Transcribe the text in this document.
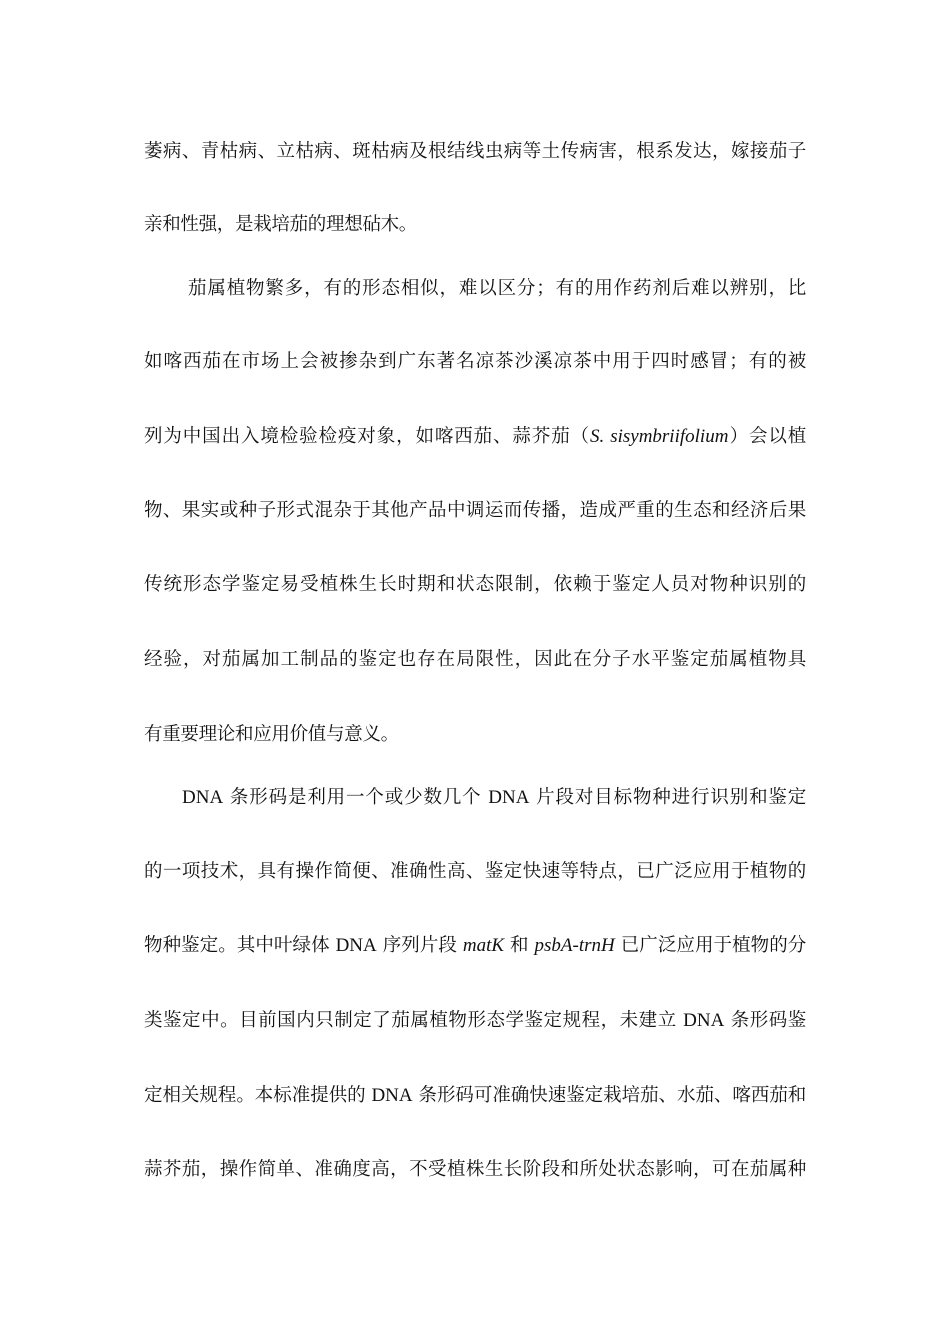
萎病、青枯病、立枯病、斑枯病及根结线虫病等土传病害，根系发达，嫁接茄子
亲和性强，是栽培茄的理想砧木。
茄属植物繁多，有的形态相似，难以区分；有的用作药剂后难以辨别，比
如喀西茄在市场上会被掺杂到广东著名凉茶沙溪凉茶中用于四时感冒；有的被
列为中国出入境检验检疫对象，如喀西茄、蒜芥茄（S. sisymbriifolium）会以植
物、果实或种子形式混杂于其他产品中调运而传播，造成严重的生态和经济后果
传统形态学鉴定易受植株生长时期和状态限制，依赖于鉴定人员对物种识别的
经验，对茄属加工制品的鉴定也存在局限性，因此在分子水平鉴定茄属植物具
有重要理论和应用价值与意义。
DNA 条形码是利用一个或少数几个 DNA 片段对目标物种进行识别和鉴定
的一项技术，具有操作简便、准确性高、鉴定快速等特点，已广泛应用于植物的
物种鉴定。其中叶绿体 DNA 序列片段 matK 和 psbA-trnH 已广泛应用于植物的分
类鉴定中。目前国内只制定了茄属植物形态学鉴定规程，未建立 DNA 条形码鉴
定相关规程。本标准提供的 DNA 条形码可准确快速鉴定栽培茄、水茄、喀西茄和
蒜芥茄，操作简单、准确度高，不受植株生长阶段和所处状态影响，可在茄属种
